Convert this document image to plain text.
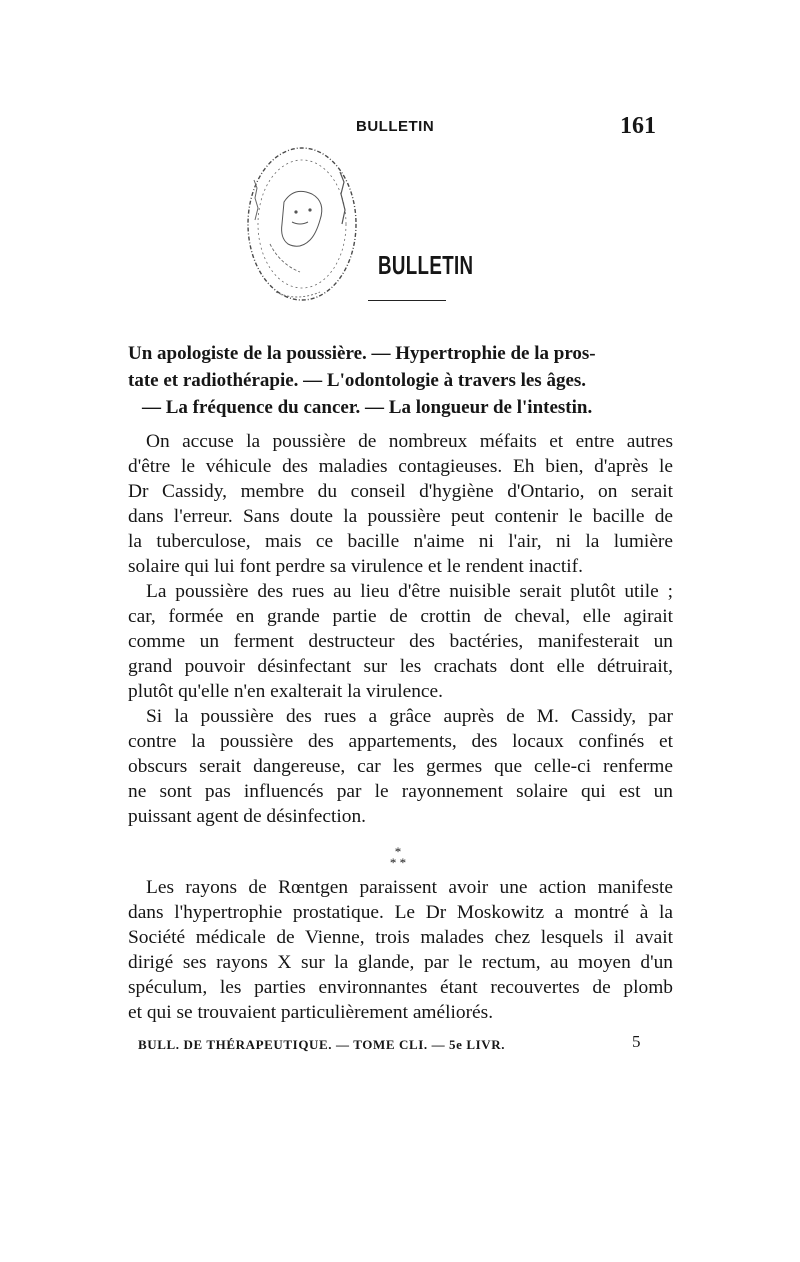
BULLETIN	161
BULLETIN
Un apologiste de la poussière. — Hypertrophie de la pros-
tate et radiothérapie. — L'odontologie à travers les âges.
— La fréquence du cancer. — La longueur de l'intestin.
On accuse la poussière de nombreux méfaits et entre autres
d'être le véhicule des maladies contagieuses. Eh bien, d'après le
Dr Cassidy, membre du conseil d'hygiène d'Ontario, on serait
dans l'erreur. Sans doute la poussière peut contenir le bacille de
la tuberculose, mais ce bacille n'aime ni l'air, ni la lumière
solaire qui lui font perdre sa virulence et le rendent inactif.
La poussière des rues au lieu d'être nuisible serait plutôt utile ;
car, formée en grande partie de crottin de cheval, elle agirait
comme un ferment destructeur des bactéries, manifesterait un
grand pouvoir désinfectant sur les crachats dont elle détruirait,
plutôt qu'elle n'en exalterait la virulence.
Si la poussière des rues a grâce auprès de M. Cassidy, par
contre la poussière des appartements, des locaux confinés et
obscurs serait dangereuse, car les germes que celle-ci renferme
ne sont pas influencés par le rayonnement solaire qui est un
puissant agent de désinfection.
*
* *
Les rayons de Rœntgen paraissent avoir une action manifeste
dans l'hypertrophie prostatique. Le Dr Moskowitz a montré à la
Société médicale de Vienne, trois malades chez lesquels il avait
dirigé ses rayons X sur la glande, par le rectum, au moyen d'un
spéculum, les parties environnantes étant recouvertes de plomb
et qui se trouvaient particulièrement améliorés.
BULL. DE THÉRAPEUTIQUE. — TOME CLI. — 5e LIVR.	5
